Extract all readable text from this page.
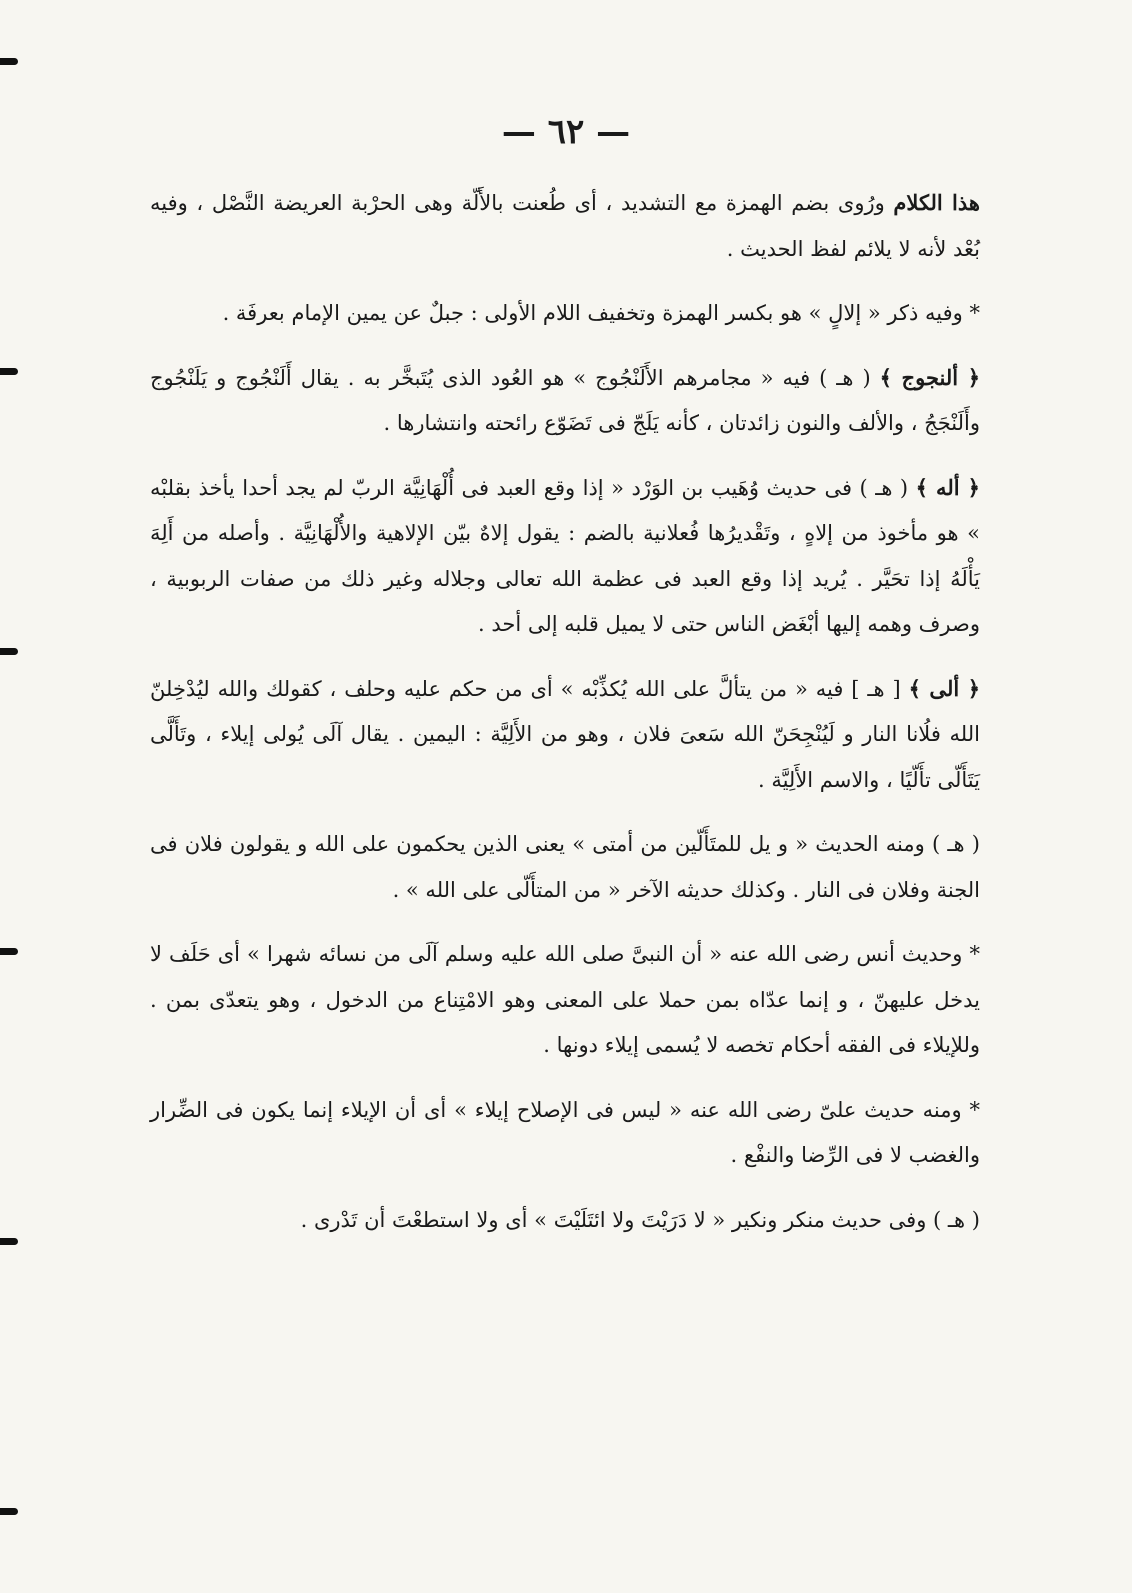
— ٦٢ —

هذا الكلام ورُوى بضم الهمزة مع التشديد ، أى طُعنت بالأَلّة وهى الحرْبة العريضة النَّصْل ، وفيه بُعْد لأنه لا يلائم لفظ الحديث .

* وفيه ذكر « إلالٍ » هو بكسر الهمزة وتخفيف اللام الأولى : جبلٌ عن يمين الإمام بعرفَة .

﴿ ألنجوج ﴾ ( هـ ) فيه « مجامرهم الأَلَنْجُوج » هو العُود الذى يُتَبخَّر به . يقال أَلَنْجُوج و يَلَنْجُوج وأَلَنْجَجُ ، والألف والنون زائدتان ، كأنه يَلَجّ فى تَضَوّع رائحته وانتشارها .

﴿ أله ﴾ ( هـ ) فى حديث وُهَيب بن الوَرْد « إذا وقع العبد فى أُلْهَانِيَّة الربّ لم يجد أحدا يأخذ بقلبْه » هو مأخوذ من إلاهٍ ، وتَقْديرُها فُعلانية بالضم : يقول إلاهٌ بيّن الإلاهية والأُلْهَانِيَّة . وأصله من أَلِهَ يَأْلَهُ إذا تحَيَّر . يُريد إذا وقع العبد فى عظمة الله تعالى وجلاله وغير ذلك من صفات الربوبية ، وصرف وهمه إليها أبْغَض الناس حتى لا يميل قلبه إلى أحد .

﴿ ألى ﴾ [ هـ ] فيه « من يتألَّ على الله يُكذِّبْه » أى من حكم عليه وحلف ، كقولك والله ليُدْخِلنّ الله فلُانا النار و لَيُنْجِحَنّ الله سَعىَ فلان ، وهو من الأَلِيَّة : اليمين . يقال آلَى يُولى إيلاء ، وتَأَلَّى يَتَأَلّى تأَلّيًا ، والاسم الأَلِيَّة .

( هـ ) ومنه الحديث « و يل للمتَأَلّين من أمتى » يعنى الذين يحكمون على الله و يقولون فلان فى الجنة وفلان فى النار . وكذلك حديثه الآخر « من المتأَلّى على الله » .

* وحديث أنس رضى الله عنه « أن النبىَّ صلى الله عليه وسلم آلَى من نسائه شهرا » أى حَلَف لا يدخل عليهنّ ، و إنما عدّاه بمن حملا على المعنى وهو الامْتِناع من الدخول ، وهو يتعدّى بمن . وللإيلاء فى الفقه أحكام تخصه لا يُسمى إيلاء دونها .

* ومنه حديث علىّ رضى الله عنه « ليس فى الإصلاح إيلاء » أى أن الإيلاء إنما يكون فى الضِّرار والغضب لا فى الرِّضا والنفْع .

( هـ ) وفى حديث منكر ونكير « لا دَرَيْتَ ولا ائتَلَيْتَ » أى ولا استطعْتَ أن تَدْرى .
